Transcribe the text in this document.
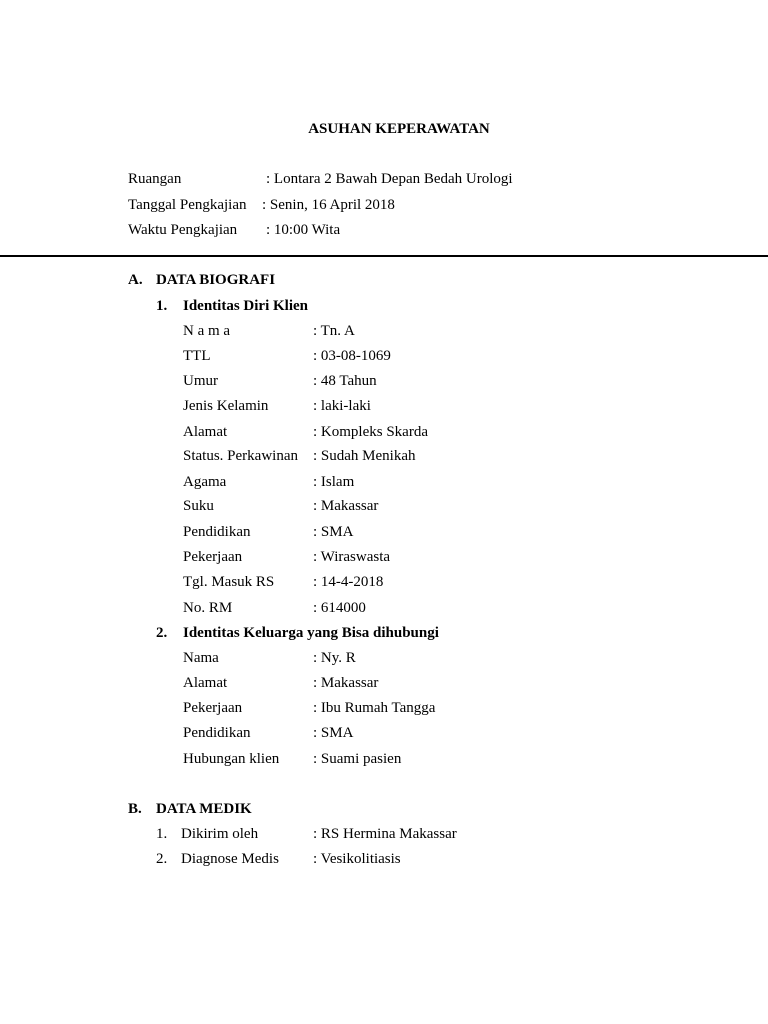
ASUHAN KEPERAWATAN
Ruangan	: Lontara 2 Bawah Depan Bedah Urologi
Tanggal Pengkajian : Senin, 16 April 2018
Waktu Pengkajian : 10:00 Wita
A. DATA BIOGRAFI
1. Identitas Diri Klien
N a m a	: Tn. A
TTL	: 03-08-1069
Umur	: 48 Tahun
Jenis Kelamin	: laki-laki
Alamat	: Kompleks Skarda
Status. Perkawinan : Sudah Menikah
Agama	: Islam
Suku	: Makassar
Pendidikan	: SMA
Pekerjaan	: Wiraswasta
Tgl. Masuk RS	: 14-4-2018
No. RM	: 614000
2. Identitas Keluarga yang Bisa dihubungi
Nama	: Ny. R
Alamat	: Makassar
Pekerjaan	: Ibu Rumah Tangga
Pendidikan	: SMA
Hubungan klien : Suami pasien
B. DATA MEDIK
1. Dikirim oleh	: RS Hermina Makassar
2. Diagnose Medis : Vesikolitiasis
